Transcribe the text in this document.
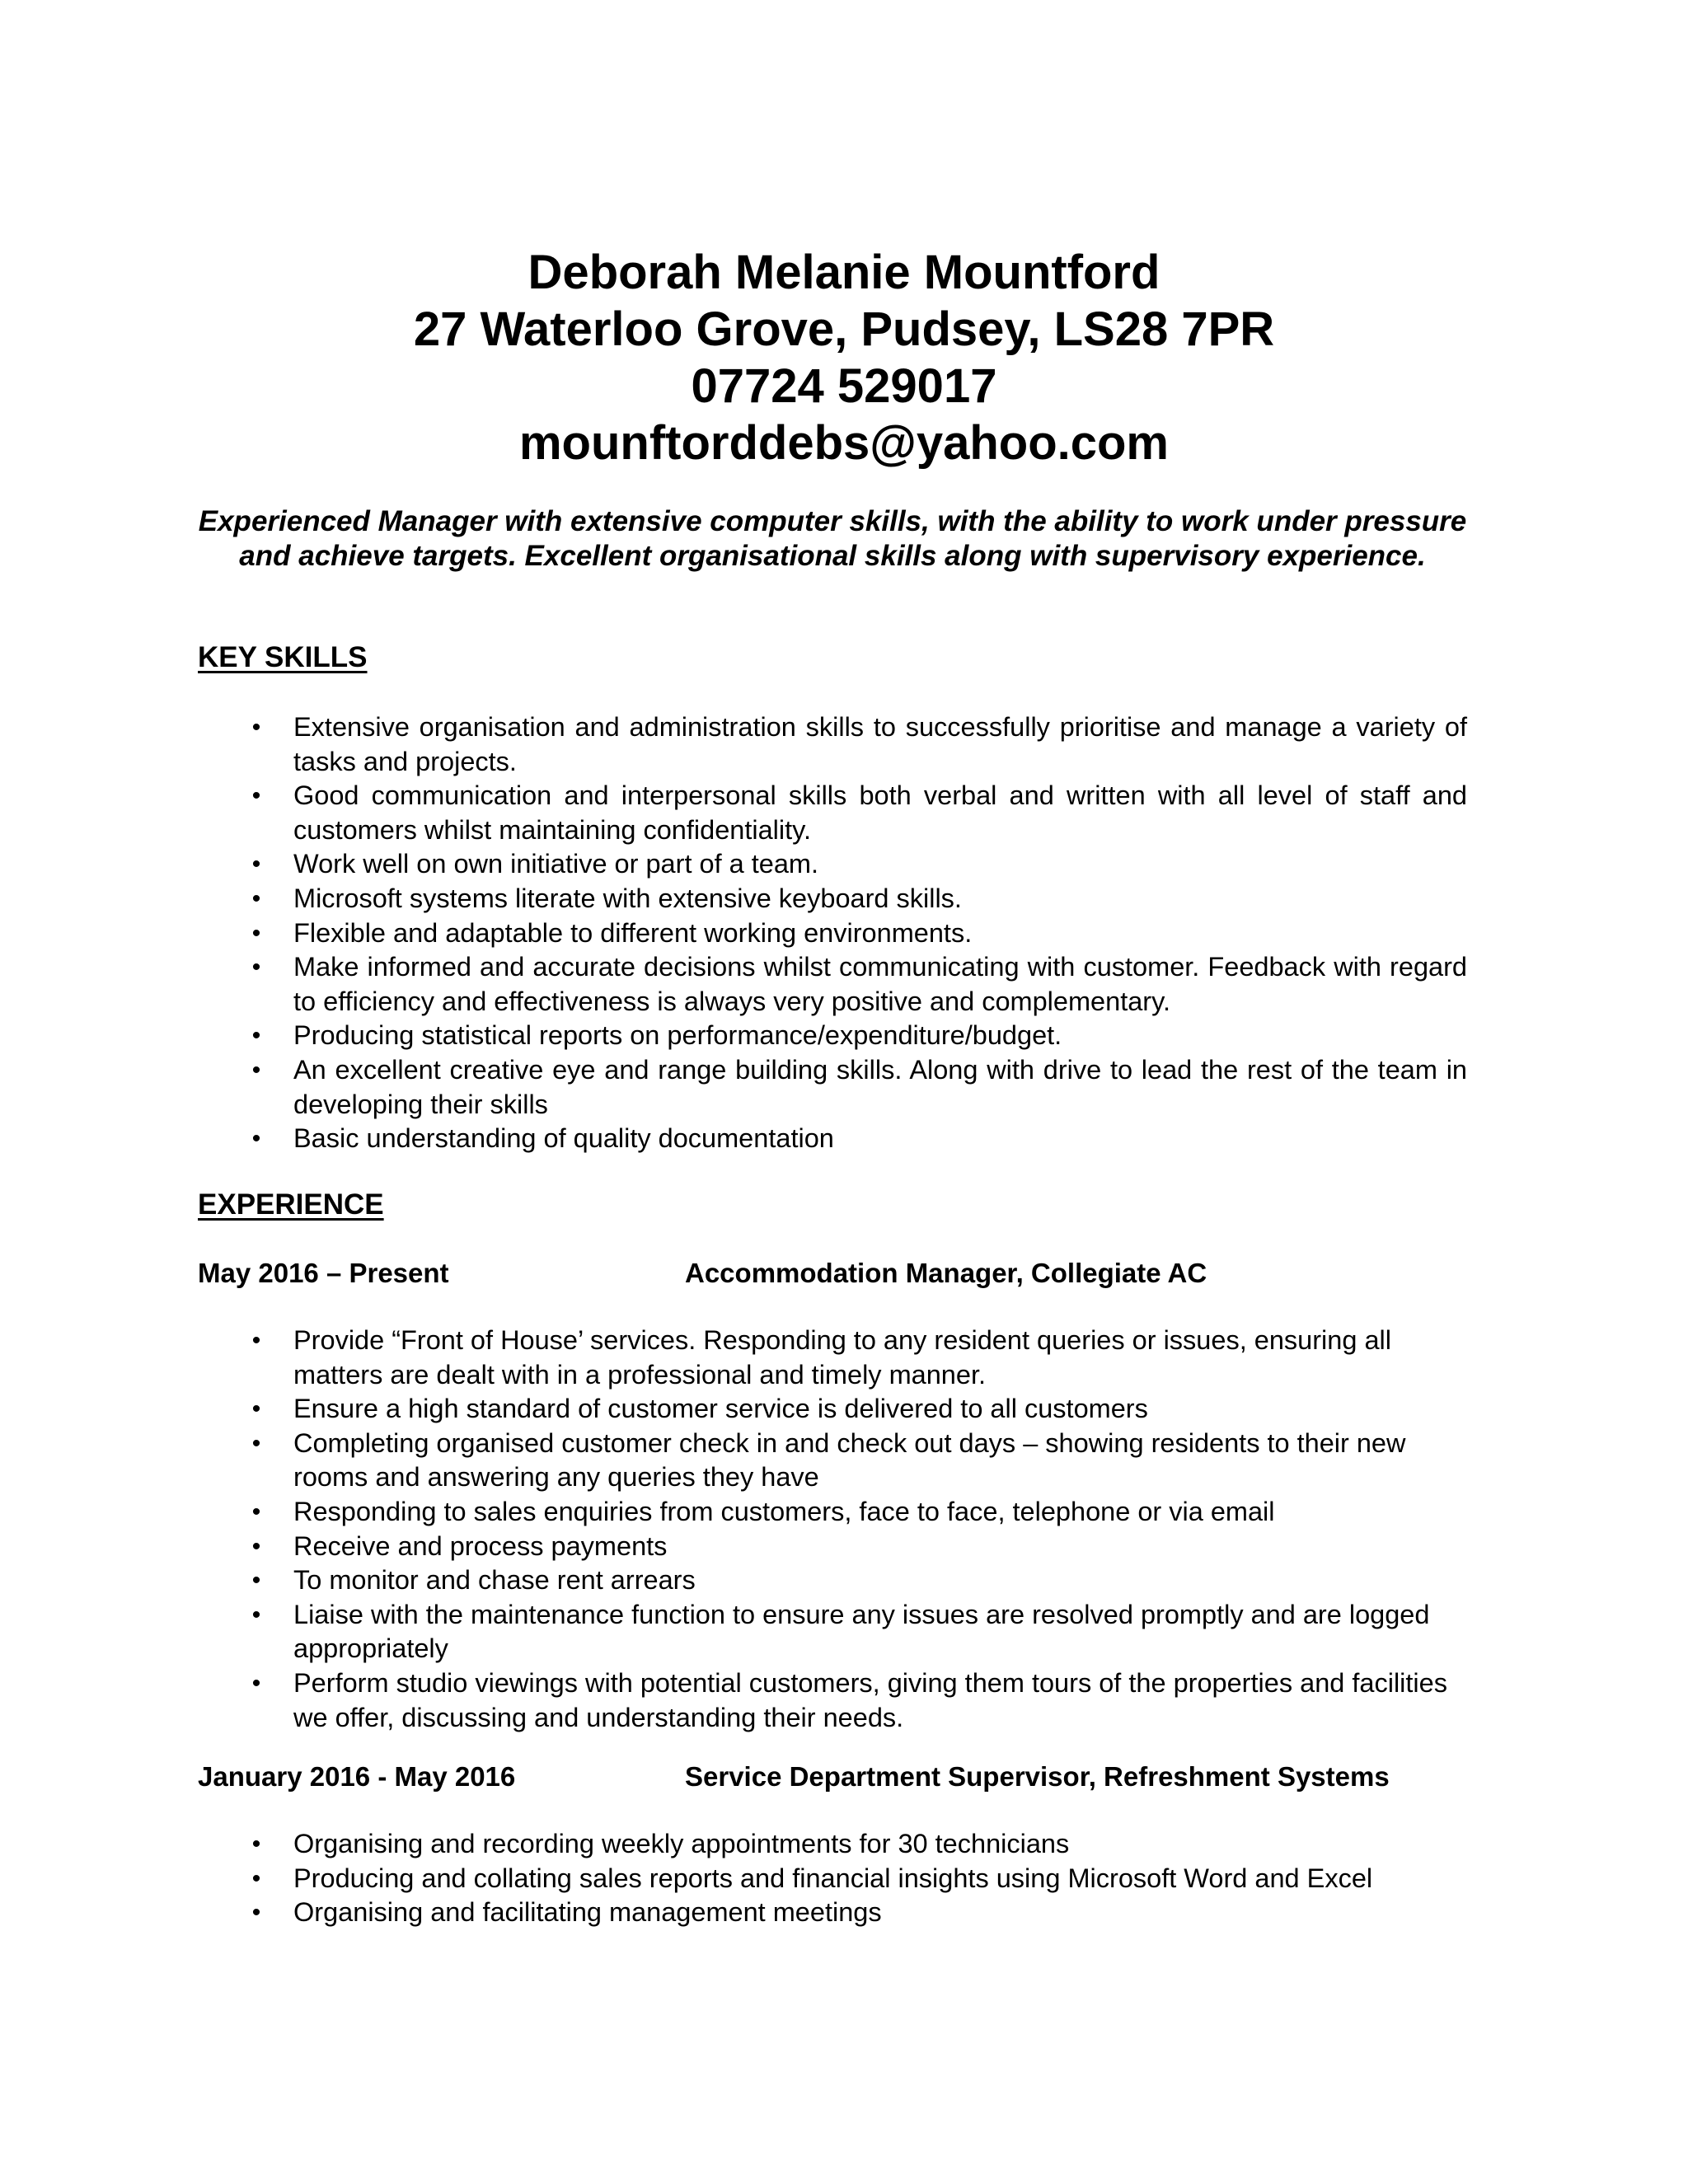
Deborah Melanie Mountford
27 Waterloo Grove, Pudsey, LS28 7PR
07724 529017
mounftorddebs@yahoo.com
Experienced Manager with extensive computer skills, with the ability to work under pressure and achieve targets. Excellent organisational skills along with supervisory experience.
KEY SKILLS
•	Extensive organisation and administration skills to successfully prioritise and manage a variety of tasks and projects.
•	Good communication and interpersonal skills both verbal and written with all level of staff and customers whilst maintaining confidentiality.
•	Work well on own initiative or part of a team.
•	Microsoft systems literate with extensive keyboard skills.
•	Flexible and adaptable to different working environments.
•	Make informed and accurate decisions whilst communicating with customer. Feedback with regard to efficiency and effectiveness is always very positive and complementary.
•	Producing statistical reports on performance/expenditure/budget.
•	An excellent creative eye and range building skills. Along with drive to lead the rest of the team in developing their skills
•	Basic understanding of quality documentation
EXPERIENCE
May 2016 – Present	Accommodation Manager, Collegiate AC
•	Provide “Front of House’ services. Responding to any resident queries or issues, ensuring all matters are dealt with in a professional and timely manner.
•	Ensure a high standard of customer service is delivered to all customers
•	Completing organised customer check in and check out days – showing residents to their new rooms and answering any queries they have
•	Responding to sales enquiries from customers, face to face, telephone or via email
•	Receive and process payments
•	To monitor and chase rent arrears
•	Liaise with the maintenance function to ensure any issues are resolved promptly and are logged appropriately
•	Perform studio viewings with potential customers, giving them tours of the properties and facilities we offer, discussing and understanding their needs.
January 2016 - May 2016	Service Department Supervisor, Refreshment Systems
•	Organising and recording weekly appointments for 30 technicians
•	Producing and collating sales reports and financial insights using Microsoft Word and Excel
•	Organising and facilitating management meetings
